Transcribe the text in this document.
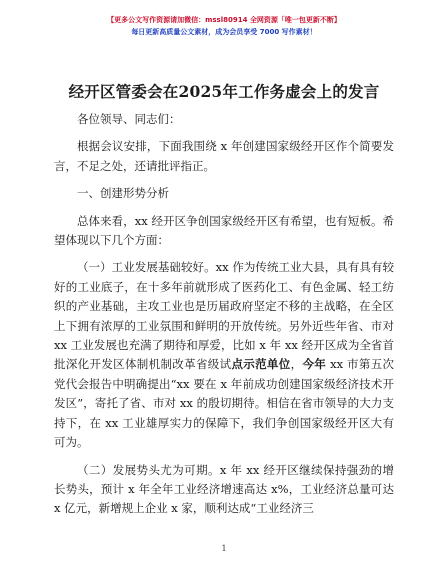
【更多公文写作资源请加微信：mssl80914 全网资源「唯一包更新不断】
每日更新高质量公文素材，成为会员享受 7000 写作素材！
经开区管委会在2025年工作务虚会上的发言

各位领导、同志们：

根据会议安排，下面我围绕 x 年创建国家级经开区作个简要发言，不足之处，还请批评指正。

一、创建形势分析

总体来看，xx 经开区争创国家级经开区有希望，也有短板。希望体现以下几个方面：

（一）工业发展基础较好。xx 作为传统工业大县，具有具有较好的工业底子，在十多年前就形成了医药化工、有色金属、轻工纺织的产业基础，主攻工业也是历届政府坚定不移的主战略，在全区上下拥有浓厚的工业氛围和鲜明的开放传统。另外近些年省、市对 xx 工业发展也充满了期待和厚爱，比如 x 年 xx 经开区成为全省首批深化开发区体制机制改革省级试点示范单位，今年 xx 市第五次党代会报告中明确提出“xx 要在 x 年前成功创建国家级经济技术开发区”，寄托了省、市对 xx 的殷切期待。相信在省市领导的大力支持下，在 xx 工业雄厚实力的保障下，我们争创国家级经开区大有可为。

（二）发展势头尤为可期。x 年 xx 经开区继续保持强劲的增长势头，预计 x 年全年工业经济增速高达 x%，工业经济总量可达 x 亿元，新增规上企业 x 家，顺利达成“工业经济三

1
